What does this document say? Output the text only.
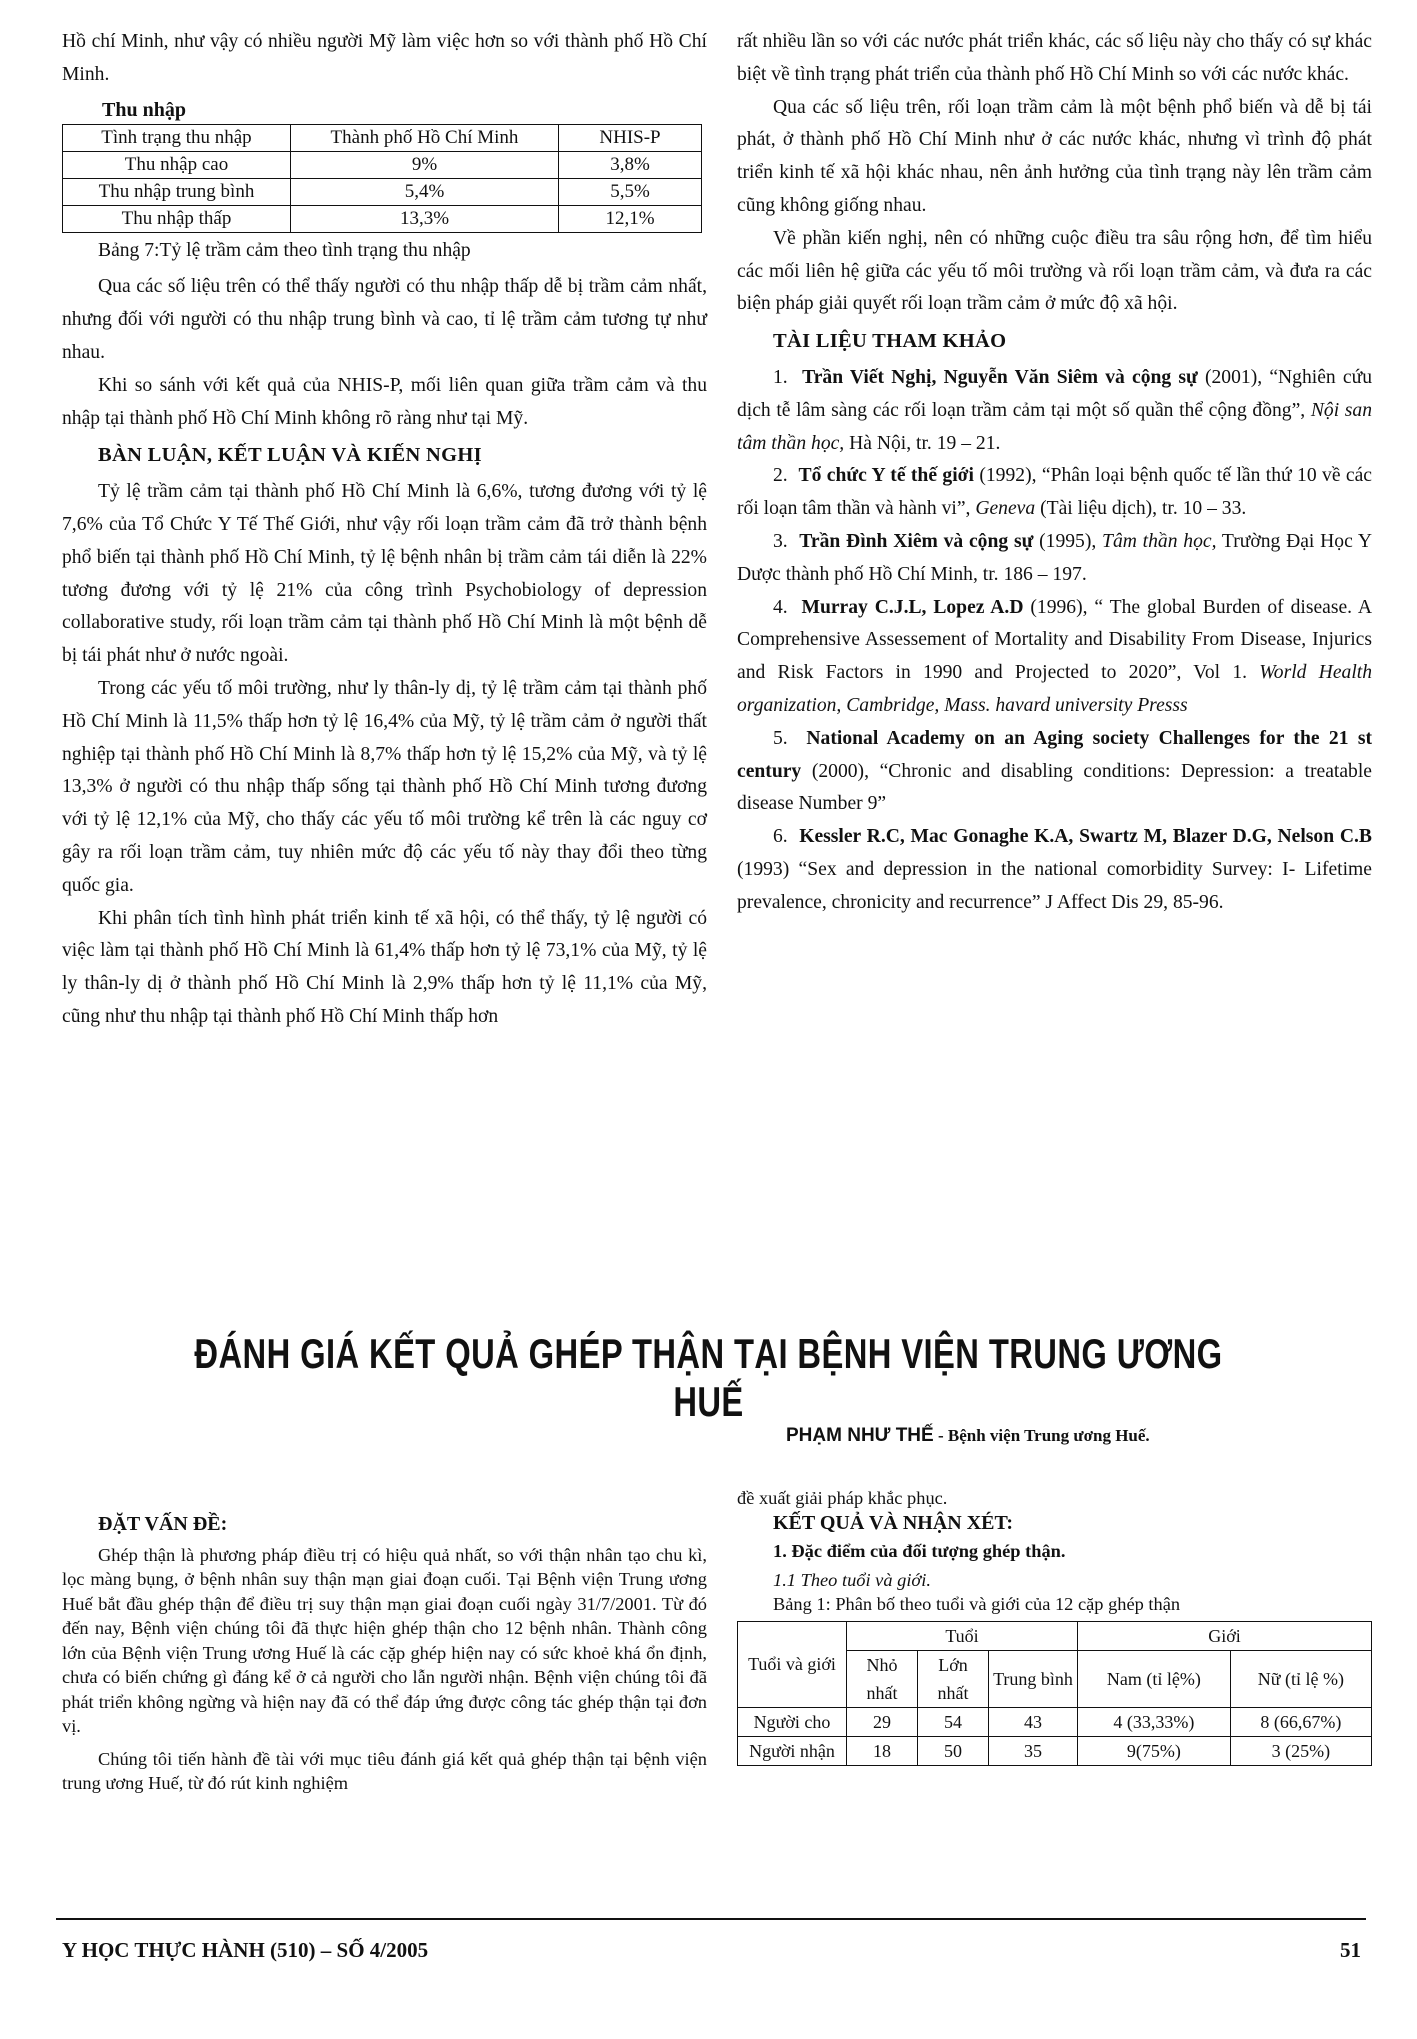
Hồ chí Minh, như vậy có nhiều người Mỹ làm việc hơn so với thành phố Hồ Chí Minh.

Thu nhập
Tình trạng thu nhập	Thành phố Hồ Chí Minh	NHIS-P
Thu nhập cao	9%	3,8%
Thu nhập trung bình	5,4%	5,5%
Thu nhập thấp	13,3%	12,1%
Bảng 7:Tỷ lệ trầm cảm theo tình trạng thu nhập

Qua các số liệu trên có thể thấy người có thu nhập thấp dễ bị trầm cảm nhất, nhưng đối với người có thu nhập trung bình và cao, tỉ lệ trầm cảm tương tự như nhau.

Khi so sánh với kết quả của NHIS-P, mối liên quan giữa trầm cảm và thu nhập tại thành phố Hồ Chí Minh không rõ ràng như tại Mỹ.

BÀN LUẬN, KẾT LUẬN VÀ KIẾN NGHỊ

Tỷ lệ trầm cảm tại thành phố Hồ Chí Minh là 6,6%, tương đương với tỷ lệ 7,6% của Tổ Chức Y Tế Thế Giới, như vậy rối loạn trầm cảm đã trở thành bệnh phổ biến tại thành phố Hồ Chí Minh, tỷ lệ bệnh nhân bị trầm cảm tái diễn là 22% tương đương với tỷ lệ 21% của công trình Psychobiology of depression collaborative study, rối loạn trầm cảm tại thành phố Hồ Chí Minh là một bệnh dễ bị tái phát như ở nước ngoài.

Trong các yếu tố môi trường, như ly thân-ly dị, tỷ lệ trầm cảm tại thành phố Hồ Chí Minh là 11,5% thấp hơn tỷ lệ 16,4% của Mỹ, tỷ lệ trầm cảm ở người thất nghiệp tại thành phố Hồ Chí Minh là 8,7% thấp hơn tỷ lệ 15,2% của Mỹ, và tỷ lệ 13,3% ở người có thu nhập thấp sống tại thành phố Hồ Chí Minh tương đương với tỷ lệ 12,1% của Mỹ, cho thấy các yếu tố môi trường kể trên là các nguy cơ gây ra rối loạn trầm cảm, tuy nhiên mức độ các yếu tố này thay đổi theo từng quốc gia.

Khi phân tích tình hình phát triển kinh tế xã hội, có thể thấy, tỷ lệ người có việc làm tại thành phố Hồ Chí Minh là 61,4% thấp hơn tỷ lệ 73,1% của Mỹ, tỷ lệ ly thân-ly dị ở thành phố Hồ Chí Minh là 2,9% thấp hơn tỷ lệ 11,1% của Mỹ, cũng như thu nhập tại thành phố Hồ Chí Minh thấp hơn

rất nhiều lần so với các nước phát triển khác, các số liệu này cho thấy có sự khác biệt về tình trạng phát triển của thành phố Hồ Chí Minh so với các nước khác.

Qua các số liệu trên, rối loạn trầm cảm là một bệnh phổ biến và dễ bị tái phát, ở thành phố Hồ Chí Minh như ở các nước khác, nhưng vì trình độ phát triển kinh tế xã hội khác nhau, nên ảnh hưởng của tình trạng này lên trầm cảm cũng không giống nhau.

Về phần kiến nghị, nên có những cuộc điều tra sâu rộng hơn, để tìm hiểu các mối liên hệ giữa các yếu tố môi trường và rối loạn trầm cảm, và đưa ra các biện pháp giải quyết rối loạn trầm cảm ở mức độ xã hội.

TÀI LIỆU THAM KHẢO

1. Trần Viết Nghị, Nguyễn Văn Siêm và cộng sự (2001), “Nghiên cứu dịch tễ lâm sàng các rối loạn trầm cảm tại một số quần thể cộng đồng”, Nội san tâm thần học, Hà Nội, tr. 19 – 21.

2. Tổ chức Y tế thế giới (1992), “Phân loại bệnh quốc tế lần thứ 10 về các rối loạn tâm thần và hành vi”, Geneva (Tài liệu dịch), tr. 10 – 33.

3. Trần Đình Xiêm và cộng sự (1995), Tâm thần học, Trường Đại Học Y Dược thành phố Hồ Chí Minh, tr. 186 – 197.

4. Murray C.J.L, Lopez A.D (1996), “ The global Burden of disease. A Comprehensive Assessement of Mortality and Disability From Disease, Injurics and Risk Factors in 1990 and Projected to 2020”, Vol 1. World Health organization, Cambridge, Mass. havard university Presss

5. National Academy on an Aging society Challenges for the 21 st century (2000), “Chronic and disabling conditions: Depression: a treatable disease Number 9”

6. Kessler R.C, Mac Gonaghe K.A, Swartz M, Blazer D.G, Nelson C.B (1993) “Sex and depression in the national comorbidity Survey: I- Lifetime prevalence, chronicity and recurrence” J Affect Dis 29, 85-96.

ĐÁNH GIÁ KẾT QUẢ GHÉP THẬN TẠI BỆNH VIỆN TRUNG ƯƠNG HUẾ
PHẠM NHƯ THẾ - Bệnh viện Trung ương Huế.
ĐẶT VẤN ĐỀ:

Ghép thận là phương pháp điều trị có hiệu quả nhất, so với thận nhân tạo chu kì, lọc màng bụng, ở bệnh nhân suy thận mạn giai đoạn cuối. Tại Bệnh viện Trung ương Huế bắt đầu ghép thận để điều trị suy thận mạn giai đoạn cuối ngày 31/7/2001. Từ đó đến nay, Bệnh viện chúng tôi đã thực hiện ghép thận cho 12 bệnh nhân. Thành công lớn của Bệnh viện Trung ương Huế là các cặp ghép hiện nay có sức khoẻ khá ổn định, chưa có biến chứng gì đáng kể ở cả người cho lẫn người nhận. Bệnh viện chúng tôi đã phát triển không ngừng và hiện nay đã có thể đáp ứng được công tác ghép thận tại đơn vị.

Chúng tôi tiến hành đề tài với mục tiêu đánh giá kết quả ghép thận tại bệnh viện trung ương Huế, từ đó rút kinh nghiệm

đề xuất giải pháp khắc phục.

KẾT QUẢ VÀ NHẬN XÉT:
1. Đặc điểm của đối tượng ghép thận.
1.1 Theo tuổi và giới.
Bảng 1: Phân bố theo tuổi và giới của 12 cặp ghép thận
Tuổi và giới	Tuổi			Giới	
	Nhỏ nhất	Lớn nhất	Trung bình	Nam (tỉ lệ%)	Nữ (tỉ lệ %)
Người cho	29	54	43	4 (33,33%)	8 (66,67%)
Người nhận	18	50	35	9(75%)	3 (25%)
Y HỌC THỰC HÀNH (510) – SỐ 4/2005	51
